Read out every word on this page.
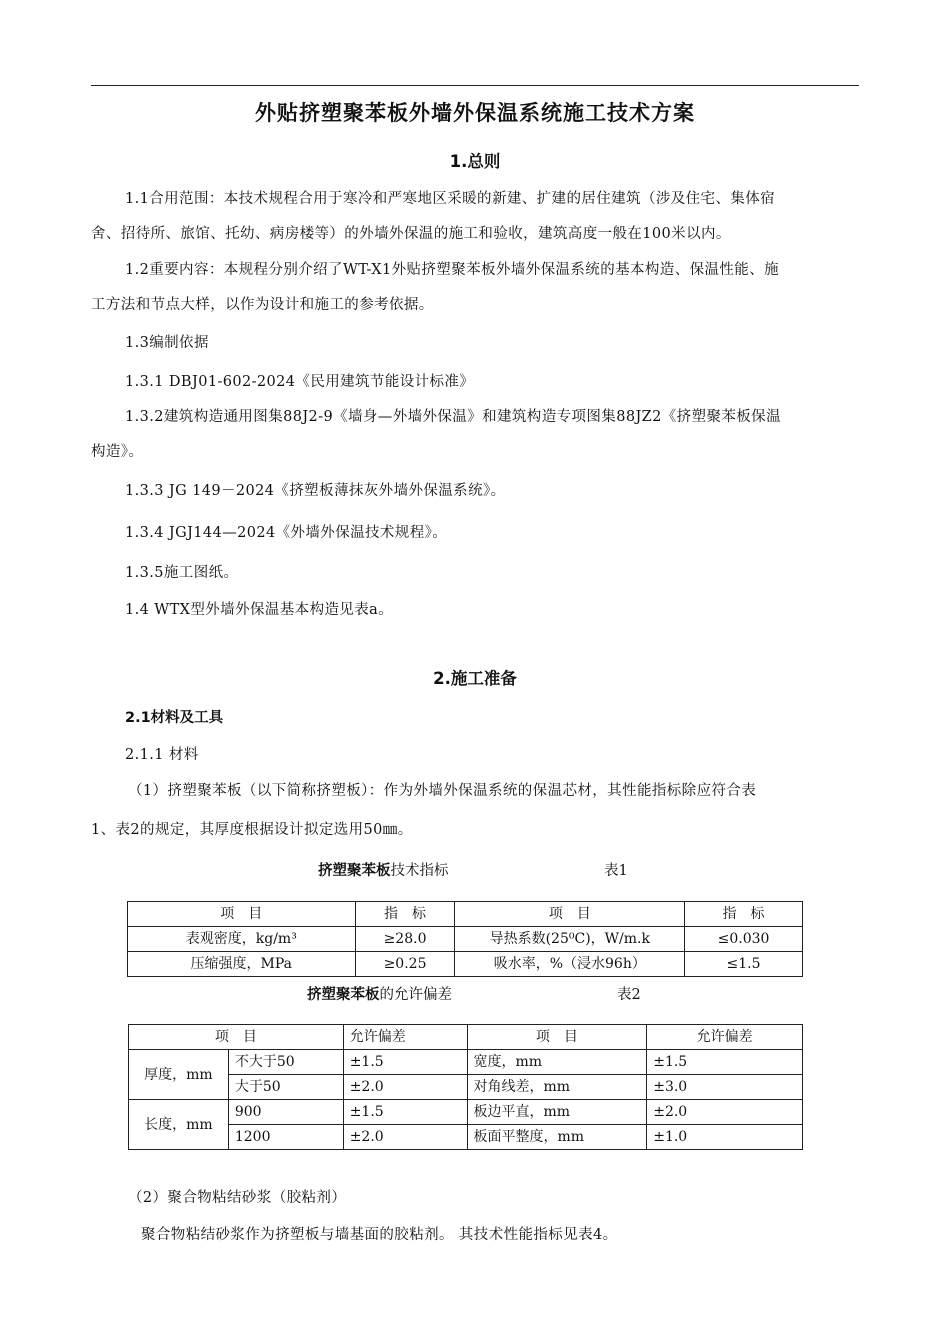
外贴挤塑聚苯板外墙外保温系统施工技术方案
1.总则
1.1合用范围：本技术规程合用于寒冷和严寒地区采暖的新建、扩建的居住建筑（涉及住宅、集体宿
舍、招待所、旅馆、托幼、病房楼等）的外墙外保温的施工和验收，建筑高度一般在100米以内。
1.2重要内容：本规程分别介绍了WT-X1外贴挤塑聚苯板外墙外保温系统的基本构造、保温性能、施
工方法和节点大样，以作为设计和施工的参考依据。
1.3编制依据
1.3.1 DBJ01-602-2024《民用建筑节能设计标准》
1.3.2建筑构造通用图集88J2-9《墙身—外墙外保温》和建筑构造专项图集88JZ2《挤塑聚苯板保温
构造》。
1.3.3 JG 149－2024《挤塑板薄抹灰外墙外保温系统》。
1.3.4 JGJ144—2024《外墙外保温技术规程》。
1.3.5施工图纸。
1.4 WTX型外墙外保温基本构造见表a。
2.施工准备
2.1材料及工具
2.1.1 材料
（1）挤塑聚苯板（以下简称挤塑板）：作为外墙外保温系统的保温芯材，其性能指标除应符合表
1、表2的规定，其厚度根据设计拟定选用50㎜。
挤塑聚苯板技术指标	表1
项　目	指　标	项　目	指　标
表观密度，kg/m³	≥28.0	导热系数(25⁰C)，W/m.k	≤0.030
压缩强度，MPa	≥0.25	吸水率，%（浸水96h）	≤1.5
挤塑聚苯板的允许偏差	表2
项　目		允许偏差	项　目	允许偏差
厚度，mm	不大于50	±1.5	宽度，mm	±1.5
	大于50	±2.0	对角线差，mm	±3.0
长度，mm	900	±1.5	板边平直，mm	±2.0
	1200	±2.0	板面平整度，mm	±1.0
（2）聚合物粘结砂浆（胶粘剂）
聚合物粘结砂浆作为挤塑板与墙基面的胶粘剂。 其技术性能指标见表4。
